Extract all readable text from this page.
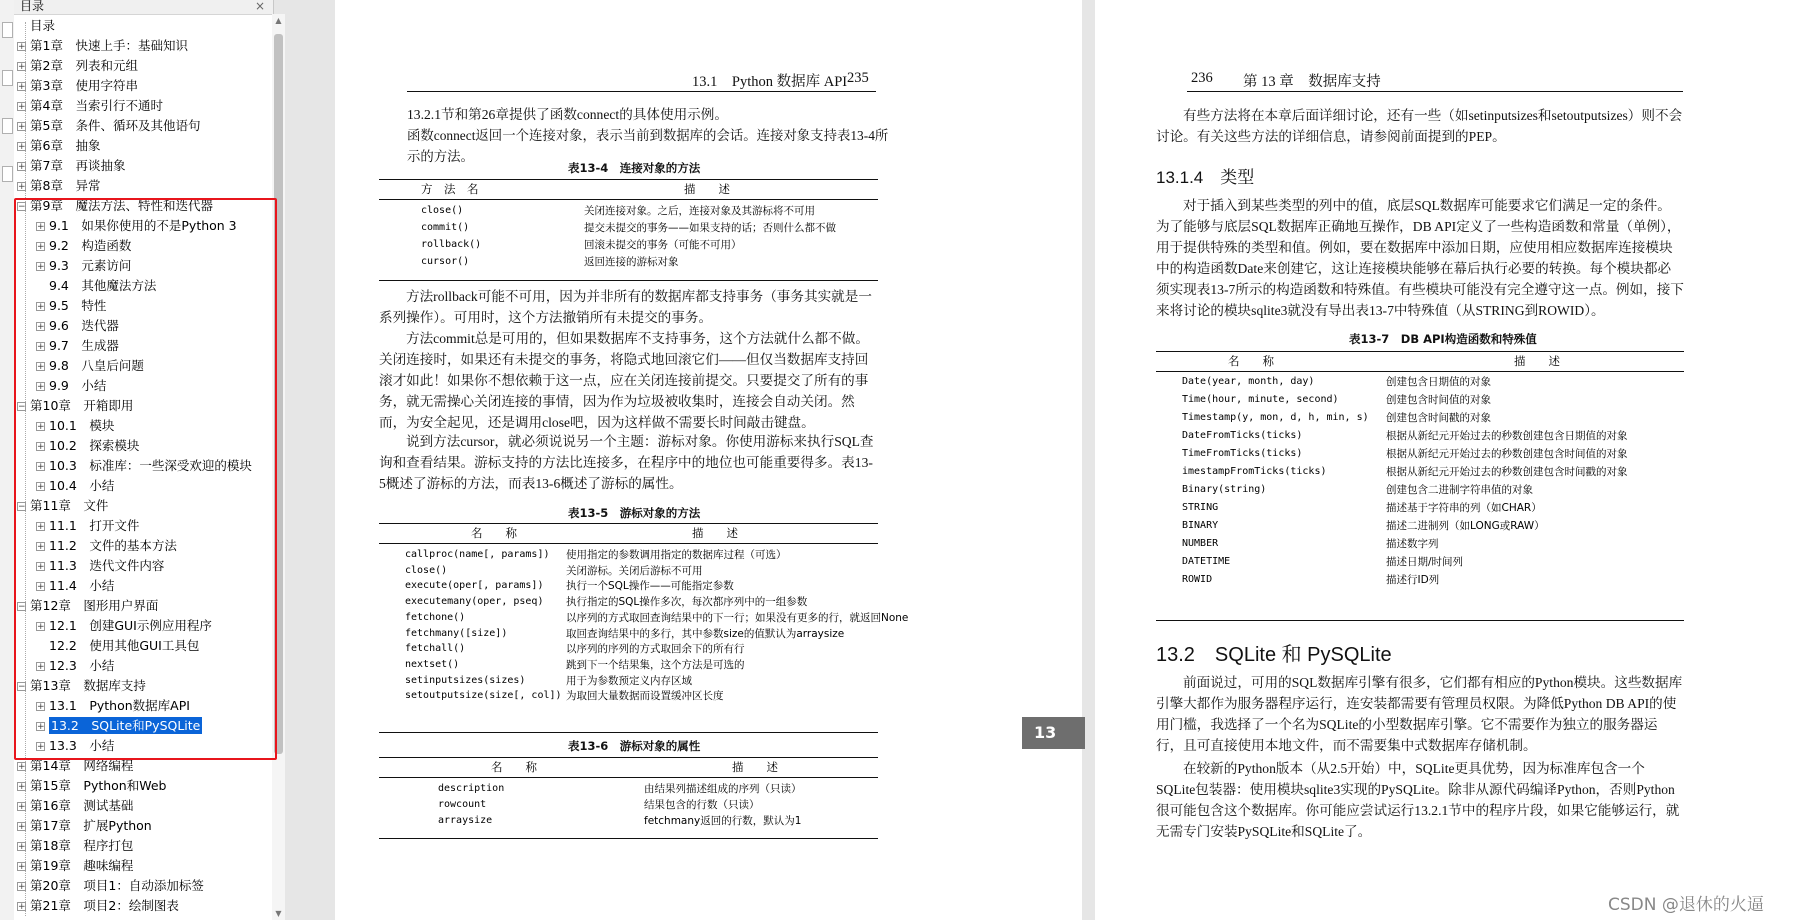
目录	×
目录
+ 第1章　快速上手：基础知识
+ 第2章　列表和元组
+ 第3章　使用字符串
+ 第4章　当索引行不通时
+ 第5章　条件、循环及其他语句
+ 第6章　抽象
+ 第7章　再谈抽象
+ 第8章　异常
− 第9章　魔法方法、特性和迭代器
+ 9.1　如果你使用的不是Python 3
+ 9.2　构造函数
+ 9.3　元素访问
9.4　其他魔法方法
+ 9.5　特性
+ 9.6　迭代器
+ 9.7　生成器
+ 9.8　八皇后问题
+ 9.9　小结
− 第10章　开箱即用
+ 10.1　模块
+ 10.2　探索模块
+ 10.3　标准库：一些深受欢迎的模块
+ 10.4　小结
− 第11章　文件
+ 11.1　打开文件
+ 11.2　文件的基本方法
+ 11.3　迭代文件内容
+ 11.4　小结
− 第12章　图形用户界面
+ 12.1　创建GUI示例应用程序
12.2　使用其他GUI工具包
+ 12.3　小结
− 第13章　数据库支持
+ 13.1　Python数据库API
+ 13.2　SQLite和PySQLite
+ 13.3　小结
+ 第14章　网络编程
+ 第15章　Python和Web
+ 第16章　测试基础
+ 第17章　扩展Python
+ 第18章　程序打包
+ 第19章　趣味编程
+ 第20章　项目1：自动添加标签
+ 第21章　项目2：绘制图表
▲
▼
13.1　Python 数据库 API 235

13.2.1节和第26章提供了函数connect的具体使用示例。

函数connect返回一个连接对象，表示当前到数据库的会话。连接对象支持表13-4所示的方法。

表13-4　连接对象的方法
方　法　名	描　　述
close()	关闭连接对象。之后，连接对象及其游标将不可用
commit()	提交未提交的事务——如果支持的话；否则什么都不做
rollback()	回滚未提交的事务（可能不可用）
cursor()	返回连接的游标对象

方法rollback可能不可用，因为并非所有的数据库都支持事务（事务其实就是一系列操作）。可用时，这个方法撤销所有未提交的事务。

方法commit总是可用的，但如果数据库不支持事务，这个方法就什么都不做。关闭连接时，如果还有未提交的事务，将隐式地回滚它们——但仅当数据库支持回滚才如此！如果你不想依赖于这一点，应在关闭连接前提交。只要提交了所有的事务，就无需操心关闭连接的事情，因为作为垃圾被收集时，连接会自动关闭。然而，为安全起见，还是调用close吧，因为这样做不需要长时间敲击键盘。

说到方法cursor，就必须说说另一个主题：游标对象。你使用游标来执行SQL查询和查看结果。游标支持的方法比连接多，在程序中的地位也可能重要得多。表13-5概述了游标的方法，而表13-6概述了游标的属性。

表13-5　游标对象的方法
名　　称	描　　述
callproc(name[, params]) 使用指定的参数调用指定的数据库过程（可选）
close()	关闭游标。关闭后游标不可用
execute(oper[, params]) 执行一个SQL操作——可能指定参数
executemany(oper, pseq) 执行指定的SQL操作多次，每次都序列中的一组参数
fetchone()	以序列的方式取回查询结果中的下一行；如果没有更多的行，就返回None
fetchmany([size])	取回查询结果中的多行，其中参数size的值默认为arraysize
fetchall()	以序列的序列的方式取回余下的所有行
nextset()	跳到下一个结果集，这个方法是可选的
setinputsizes(sizes)	用于为参数预定义内存区域
setoutputsize(size[, col]) 为取回大量数据而设置缓冲区长度
表13-6　游标对象的属性
名　　称	描　　述
description	由结果列描述组成的序列（只读）
rowcount	结果包含的行数（只读）
arraysize	fetchmany返回的行数，默认为1
13
236 第 13 章　数据库支持

有些方法将在本章后面详细讨论，还有一些（如setinputsizes和setoutputsizes）则不会讨论。有关这些方法的详细信息，请参阅前面提到的PEP。

13.1.4　类型

对于插入到某些类型的列中的值，底层SQL数据库可能要求它们满足一定的条件。为了能够与底层SQL数据库正确地互操作，DB API定义了一些构造函数和常量（单例），用于提供特殊的类型和值。例如，要在数据库中添加日期，应使用相应数据库连接模块中的构造函数Date来创建它，这让连接模块能够在幕后执行必要的转换。每个模块都必须实现表13-7所示的构造函数和特殊值。有些模块可能没有完全遵守这一点。例如，接下来将讨论的模块sqlite3就没有导出表13-7中特殊值（从STRING到ROWID）。

表13-7　DB API构造函数和特殊值
名　　称	描　　述
Date(year, month, day)	创建包含日期值的对象
Time(hour, minute, second)	创建包含时间值的对象
Timestamp(y, mon, d, h, min, s) 创建包含时间戳的对象
DateFromTicks(ticks)	根据从新纪元开始过去的秒数创建包含日期值的对象
TimeFromTicks(ticks)	根据从新纪元开始过去的秒数创建包含时间值的对象
imestampFromTicks(ticks)	根据从新纪元开始过去的秒数创建包含时间戳的对象
Binary(string)	创建包含二进制字符串值的对象
STRING	描述基于字符串的列（如CHAR）
BINARY	描述二进制列（如LONG或RAW）
NUMBER	描述数字列
DATETIME	描述日期/时间列
ROWID	描述行ID列
13.2　SQLite 和 PySQLite

前面说过，可用的SQL数据库引擎有很多，它们都有相应的Python模块。这些数据库引擎大都作为服务器程序运行，连安装都需要有管理员权限。为降低Python DB API的使用门槛，我选择了一个名为SQLite的小型数据库引擎。它不需要作为独立的服务器运行，且可直接使用本地文件，而不需要集中式数据库存储机制。

在较新的Python版本（从2.5开始）中，SQLite更具优势，因为标准库包含一个SQLite包装器：使用模块sqlite3实现的PySQLite。除非从源代码编译Python，否则Python很可能包含这个数据库。你可能应尝试运行13.2.1节中的程序片段，如果它能够运行，就无需专门安装PySQLite和SQLite了。

CSDN @退休的火逼
